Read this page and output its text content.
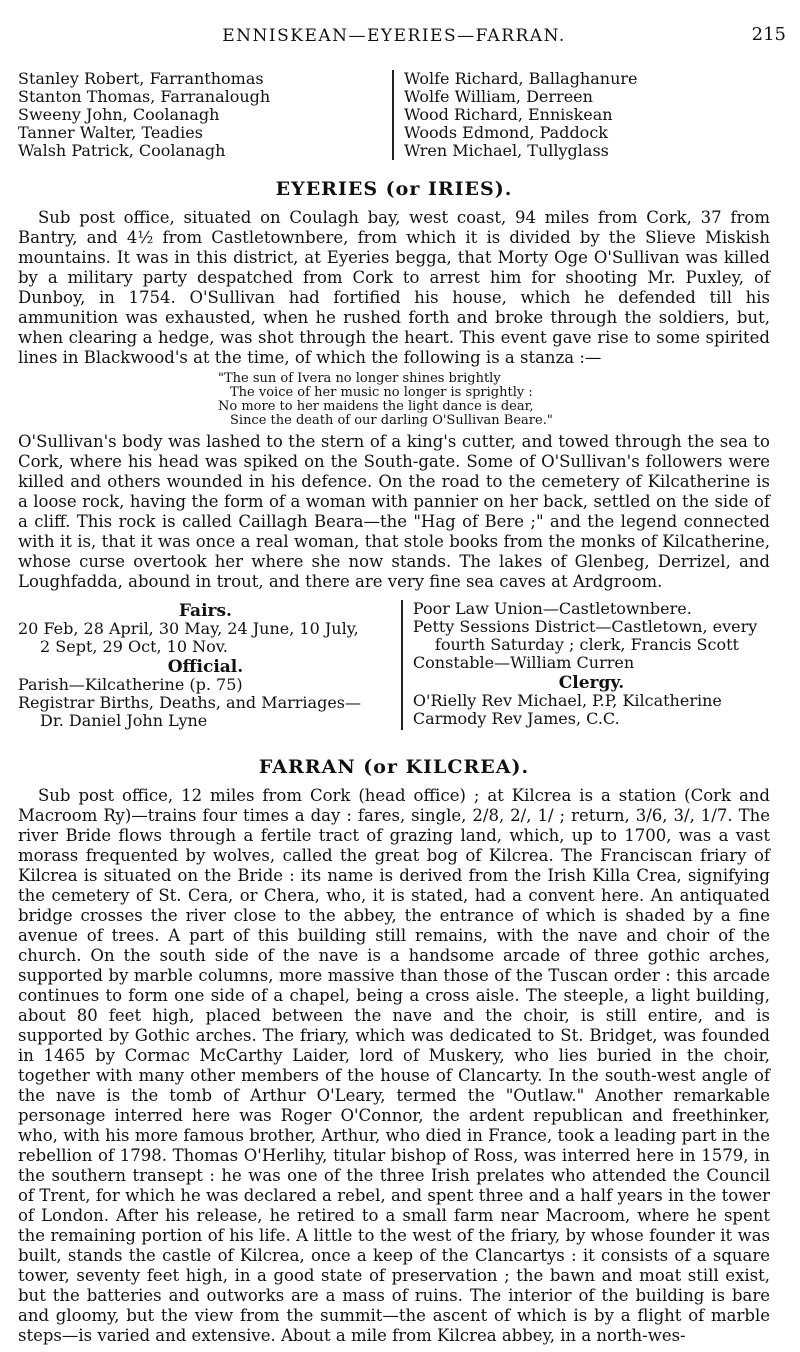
ENNISKEAN—EYERIES—FARRAN.	215
Stanley Robert, Farranthomas
Stanton Thomas, Farranalough
Sweeny John, Coolanagh
Tanner Walter, Teadies
Walsh Patrick, Coolanagh
Wolfe Richard, Ballaghanure
Wolfe William, Derreen
Wood Richard, Enniskean
Woods Edmond, Paddock
Wren Michael, Tullyglass
EYERIES (or IRIES).

Sub post office, situated on Coulagh bay, west coast, 94 miles from Cork, 37 from Bantry, and 4½ from Castletownbere, from which it is divided by the Slieve Miskish mountains. It was in this district, at Eyeries begga, that Morty Oge O'Sullivan was killed by a military party despatched from Cork to arrest him for shooting Mr. Puxley, of Dunboy, in 1754. O'Sullivan had fortified his house, which he defended till his ammunition was exhausted, when he rushed forth and broke through the soldiers, but, when clearing a hedge, was shot through the heart. This event gave rise to some spirited lines in Blackwood's at the time, of which the following is a stanza :—

"The sun of Ivera no longer shines brightly
The voice of her music no longer is sprightly :
No more to her maidens the light dance is dear,
Since the death of our darling O'Sullivan Beare."

O'Sullivan's body was lashed to the stern of a king's cutter, and towed through the sea to Cork, where his head was spiked on the South-gate. Some of O'Sullivan's followers were killed and others wounded in his defence. On the road to the cemetery of Kilcatherine is a loose rock, having the form of a woman with pannier on her back, settled on the side of a cliff. This rock is called Caillagh Beara—the "Hag of Bere ;" and the legend connected with it is, that it was once a real woman, that stole books from the monks of Kilcatherine, whose curse overtook her where she now stands. The lakes of Glenbeg, Derrizel, and Loughfadda, abound in trout, and there are very fine sea caves at Ardgroom.

Fairs.
20 Feb, 28 April, 30 May, 24 June, 10 July,
2 Sept, 29 Oct, 10 Nov.
Official.
Parish—Kilcatherine (p. 75)
Registrar Births, Deaths, and Marriages—
Dr. Daniel John Lyne
Poor Law Union—Castletownbere.
Petty Sessions District—Castletown, every
fourth Saturday ; clerk, Francis Scott
Constable—William Curren
Clergy.
O'Rielly Rev Michael, P.P, Kilcatherine
Carmody Rev James, C.C.
FARRAN (or KILCREA).

Sub post office, 12 miles from Cork (head office) ; at Kilcrea is a station (Cork and Macroom Ry)—trains four times a day : fares, single, 2/8, 2/, 1/ ; return, 3/6, 3/, 1/7. The river Bride flows through a fertile tract of grazing land, which, up to 1700, was a vast morass frequented by wolves, called the great bog of Kilcrea. The Franciscan friary of Kilcrea is situated on the Bride : its name is derived from the Irish Killa Crea, signifying the cemetery of St. Cera, or Chera, who, it is stated, had a convent here. An antiquated bridge crosses the river close to the abbey, the entrance of which is shaded by a fine avenue of trees. A part of this building still remains, with the nave and choir of the church. On the south side of the nave is a handsome arcade of three gothic arches, supported by marble columns, more massive than those of the Tuscan order : this arcade continues to form one side of a chapel, being a cross aisle. The steeple, a light building, about 80 feet high, placed between the nave and the choir, is still entire, and is supported by Gothic arches. The friary, which was dedicated to St. Bridget, was founded in 1465 by Cormac McCarthy Laider, lord of Muskery, who lies buried in the choir, together with many other members of the house of Clancarty. In the south-west angle of the nave is the tomb of Arthur O'Leary, termed the "Outlaw." Another remarkable personage interred here was Roger O'Connor, the ardent republican and freethinker, who, with his more famous brother, Arthur, who died in France, took a leading part in the rebellion of 1798. Thomas O'Herlihy, titular bishop of Ross, was interred here in 1579, in the southern transept : he was one of the three Irish prelates who attended the Council of Trent, for which he was declared a rebel, and spent three and a half years in the tower of London. After his release, he retired to a small farm near Macroom, where he spent the remaining portion of his life. A little to the west of the friary, by whose founder it was built, stands the castle of Kilcrea, once a keep of the Clancartys : it consists of a square tower, seventy feet high, in a good state of preservation ; the bawn and moat still exist, but the batteries and outworks are a mass of ruins. The interior of the building is bare and gloomy, but the view from the summit—the ascent of which is by a flight of marble steps—is varied and extensive. About a mile from Kilcrea abbey, in a north-wes-
